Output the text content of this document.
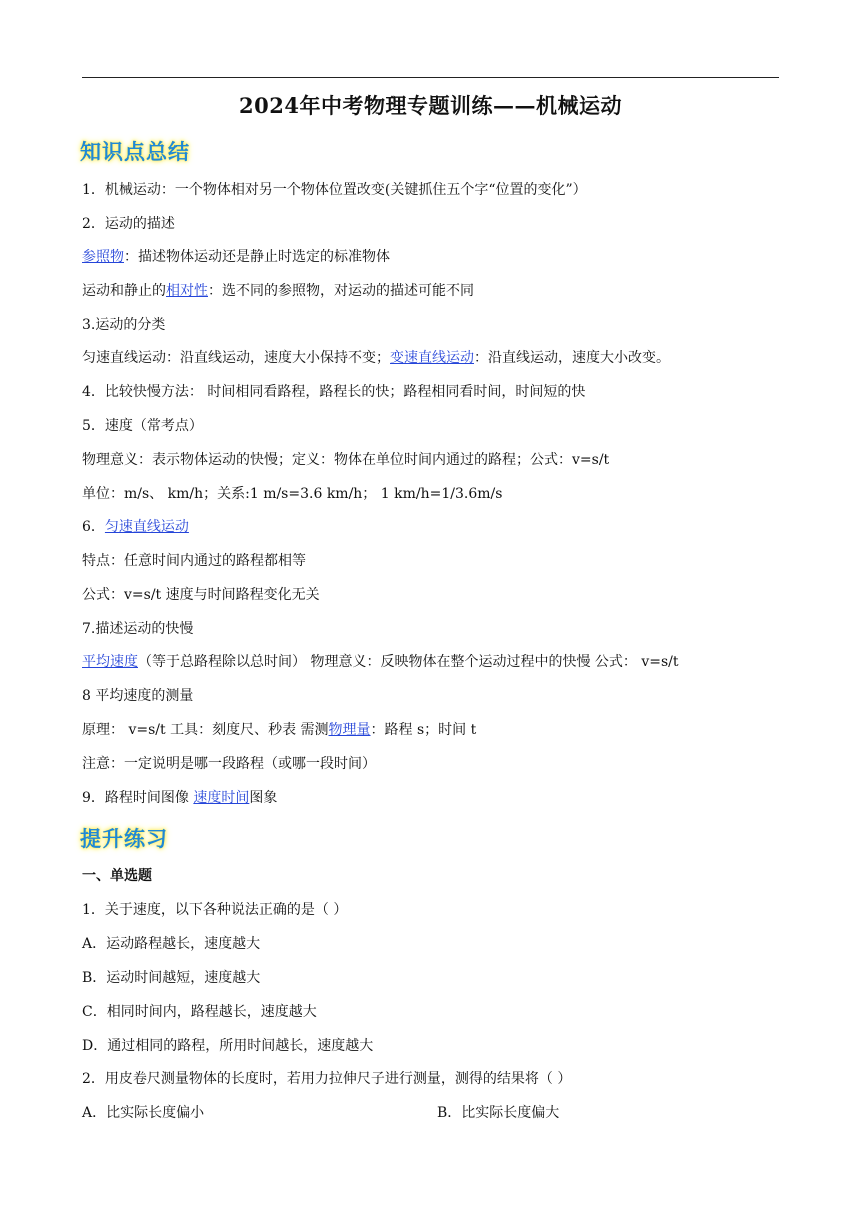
2024年中考物理专题训练——机械运动
知识点总结
1．机械运动：一个物体相对另一个物体位置改变(关键抓住五个字“位置的变化”）
2．运动的描述
参照物：描述物体运动还是静止时选定的标准物体
运动和静止的相对性：选不同的参照物，对运动的描述可能不同
3.运动的分类
匀速直线运动：沿直线运动，速度大小保持不变；变速直线运动：沿直线运动，速度大小改变。
4．比较快慢方法： 时间相同看路程，路程长的快；路程相同看时间，时间短的快
5．速度（常考点）
物理意义：表示物体运动的快慢；定义：物体在单位时间内通过的路程；公式：v=s/t
单位：m/s、 km/h；关系:1 m/s=3.6 km/h； 1 km/h=1/3.6m/s
6．匀速直线运动
特点：任意时间内通过的路程都相等
公式：v=s/t 速度与时间路程变化无关
7.描述运动的快慢
平均速度（等于总路程除以总时间） 物理意义：反映物体在整个运动过程中的快慢 公式： v=s/t
8 平均速度的测量
原理： v=s/t 工具：刻度尺、秒表 需测物理量：路程 s；时间 t
注意：一定说明是哪一段路程（或哪一段时间）
9．路程时间图像 速度时间图象
提升练习
一、单选题
1．关于速度，以下各种说法正确的是（ ）
A．运动路程越长，速度越大
B．运动时间越短，速度越大
C．相同时间内，路程越长，速度越大
D．通过相同的路程，所用时间越长，速度越大
2．用皮卷尺测量物体的长度时，若用力拉伸尺子进行测量，测得的结果将（ ）
A．比实际长度偏小	B．比实际长度偏大
